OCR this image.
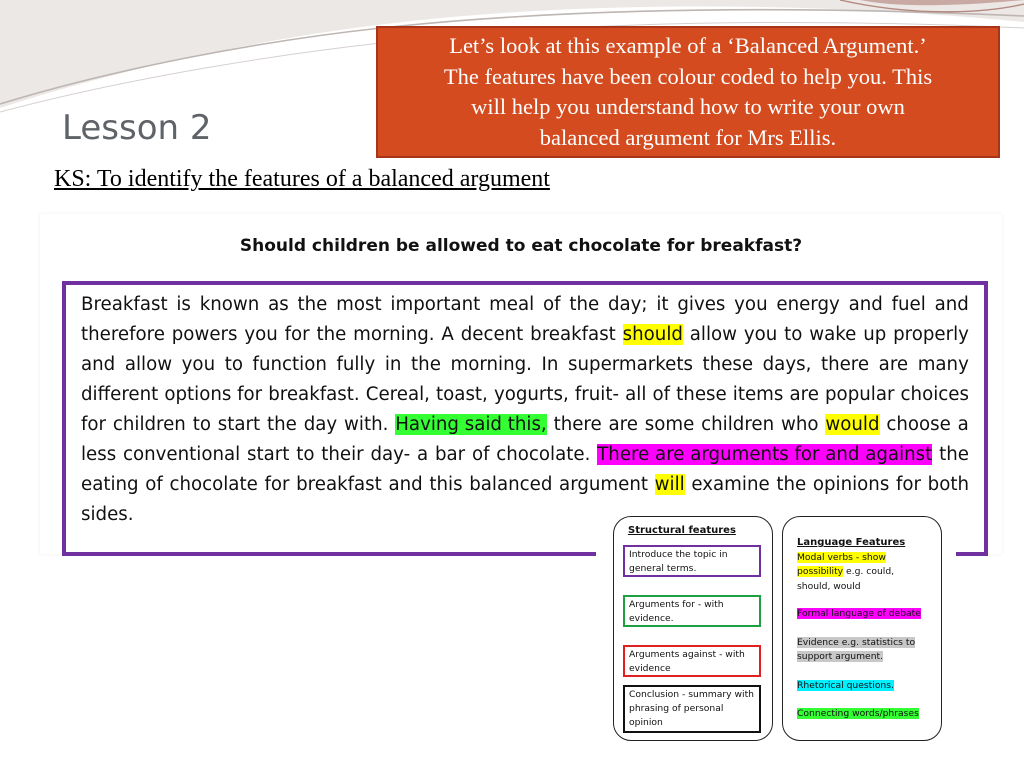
Lesson 2
Let’s look at this example of a ‘Balanced Argument.’
The features have been colour coded to help you. This
will help you understand how to write your own
balanced argument for Mrs Ellis.
KS: To identify the features of a balanced argument
Should children be allowed to eat chocolate for breakfast?
Breakfast is known as the most important meal of the day; it gives you energy and fuel and
therefore powers you for the morning. A decent breakfast should allow you to wake up properly
and allow you to function fully in the morning. In supermarkets these days, there are many
different options for breakfast. Cereal, toast, yogurts, fruit- all of these items are popular choices
for children to start the day with. Having said this, there are some children who would choose a
less conventional start to their day- a bar of chocolate. There are arguments for and against the
eating of chocolate for breakfast and this balanced argument will examine the opinions for both
sides.
Structural features
Introduce the topic in general terms.
Arguments for - with evidence.
Arguments against - with evidence
Conclusion - summary with phrasing of personal opinion
Language Features
Modal verbs - show
possibility e.g. could,
should, would
Formal language of debate
Evidence e.g. statistics to
support argument.
Rhetorical questions.
Connecting words/phrases
